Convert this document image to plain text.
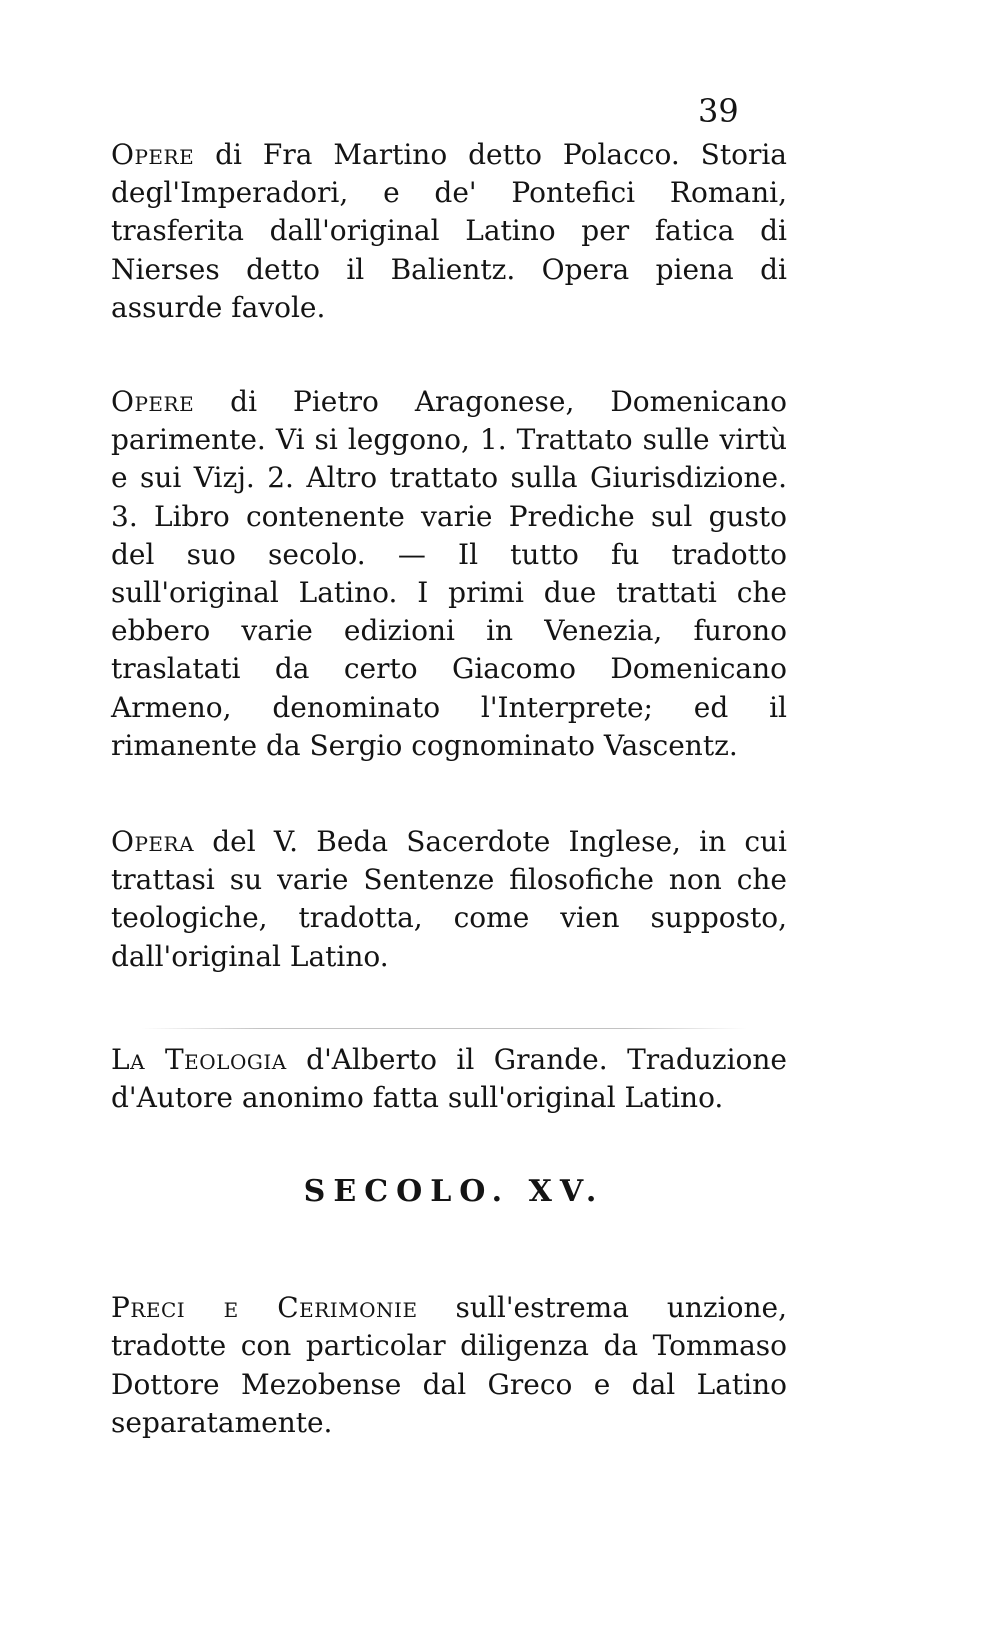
39

Opere di Fra Martino detto Polacco. Storia degl'Imperadori, e de' Pontefici Romani, trasferita dall'original Latino per fatica di Nierses detto il Balientz. Opera piena di assurde favole.

Opere di Pietro Aragonese, Domenicano parimente. Vi si leggono, 1. Trattato sulle virtù e sui Vizj. 2. Altro trattato sulla Giurisdizione. 3. Libro contenente varie Prediche sul gusto del suo secolo. — Il tutto fu tradotto sull'original Latino. I primi due trattati che ebbero varie edizioni in Venezia, furono traslatati da certo Giacomo Domenicano Armeno, denominato l'Interprete; ed il rimanente da Sergio cognominato Vascentz.

Opera del V. Beda Sacerdote Inglese, in cui trattasi su varie Sentenze filosofiche non che teologiche, tradotta, come vien supposto, dall'original Latino.

La Teologia d'Alberto il Grande. Traduzione d'Autore anonimo fatta sull'original Latino.

SECOLO. XV.

Preci e Cerimonie sull'estrema unzione, tradotte con particolar diligenza da Tommaso Dottore Mezobense dal Greco e dal Latino separatamente.
